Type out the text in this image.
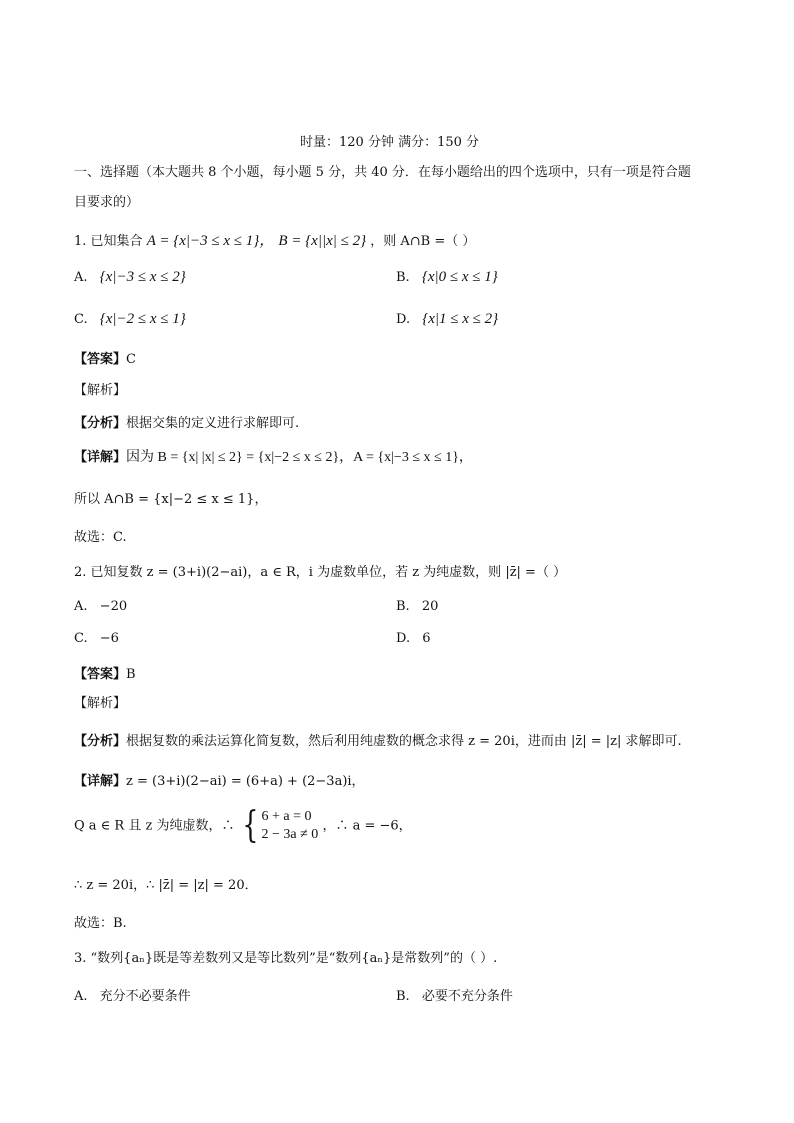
时量：120 分钟 满分：150 分
一、选择题（本大题共 8 个小题，每小题 5 分，共 40 分．在每小题给出的四个选项中，只有一项是符合题
目要求的）
1. 已知集合 A = {x|−3 ≤ x ≤ 1}， B = {x||x| ≤ 2} ，则 A∩B =（ ）
A. {x|−3 ≤ x ≤ 2}	B. {x|0 ≤ x ≤ 1}
C. {x|−2 ≤ x ≤ 1}	D. {x|1 ≤ x ≤ 2}
【答案】C
【解析】
【分析】根据交集的定义进行求解即可.
【详解】因为 B = {x| |x| ≤ 2} = {x|−2 ≤ x ≤ 2}，A = {x|−3 ≤ x ≤ 1}，
所以 A∩B = {x|−2 ≤ x ≤ 1}，
故选：C.
2. 已知复数 z = (3+i)(2−ai)，a ∈ R，i 为虚数单位，若 z 为纯虚数，则 |z̄| =（ ）
A. −20	B. 20
C. −6	D. 6
【答案】B
【解析】
【分析】根据复数的乘法运算化简复数，然后利用纯虚数的概念求得 z = 20i，进而由 |z̄| = |z| 求解即可.
【详解】z = (3+i)(2−ai) = (6+a) + (2−3a)i，
Q a ∈ R 且 z 为纯虚数，∴ { 6 + a = 0
2 − 3a ≠ 0
，∴ a = −6，
∴ z = 20i，∴ |z̄| = |z| = 20．
故选：B.
3. “数列{aₙ}既是等差数列又是等比数列”是“数列{aₙ}是常数列”的（ ）.
A. 充分不必要条件	B. 必要不充分条件
